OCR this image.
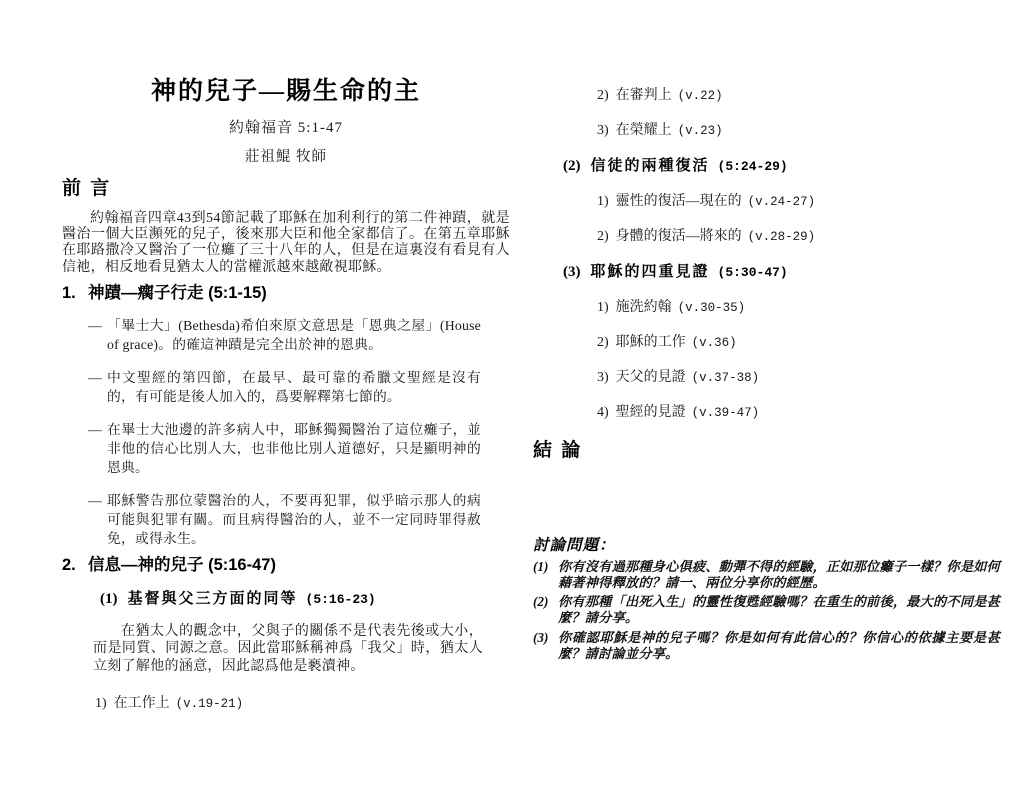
神的兒子—賜生命的主
約翰福音 5:1-47
莊祖鯤 牧師
前 言

約翰福音四章43到54節記載了耶穌在加利利行的第二件神蹟，就是醫治一個大臣瀕死的兒子，後來那大臣和他全家都信了。在第五章耶穌在耶路撒冷又醫治了一位癱了三十八年的人，但是在這裏沒有看見有人信祂，相反地看見猶太人的當權派越來越敵視耶穌。

1. 神蹟—瘸子行走 (5:1-15)
— 「畢士大」(Bethesda)希伯來原文意思是「恩典之屋」(House of grace)。的確這神蹟是完全出於神的恩典。
— 中文聖經的第四節，在最早、最可靠的希臘文聖經是沒有的，有可能是後人加入的，爲要解釋第七節的。
— 在畢士大池邊的許多病人中，耶穌獨獨醫治了這位癱子，並非他的信心比別人大，也非他比別人道德好，只是顯明神的恩典。
— 耶穌警告那位蒙醫治的人，不要再犯罪，似乎暗示那人的病可能與犯罪有關。而且病得醫治的人，並不一定同時罪得赦免，或得永生。
2. 信息—神的兒子 (5:16-47)
(1) 基督與父三方面的同等 (5:16-23)

在猶太人的觀念中，父與子的關係不是代表先後或大小，而是同質、同源之意。因此當耶穌稱神爲「我父」時，猶太人立刻了解他的涵意，因此認爲他是褻瀆神。

1) 在工作上 (v.19-21)
2) 在審判上 (v.22)
3) 在榮耀上 (v.23)
(2) 信徒的兩種復活 (5:24-29)
1) 靈性的復活—現在的 (v.24-27)
2) 身體的復活—將來的 (v.28-29)
(3) 耶穌的四重見證 (5:30-47)
1) 施洗約翰 (v.30-35)
2) 耶穌的工作 (v.36)
3) 天父的見證 (v.37-38)
4) 聖經的見證 (v.39-47)
結 論
討論問題：
(1) 你有沒有過那種身心俱疲、動彈不得的經驗，正如那位癱子一樣？你是如何藉著神得釋放的？請一、兩位分享你的經歷。
(2) 你有那種「出死入生」的靈性復甦經驗嗎？在重生的前後，最大的不同是甚麼？請分享。
(3) 你確認耶穌是神的兒子嗎？你是如何有此信心的？你信心的依據主要是甚麼？請討論並分享。
